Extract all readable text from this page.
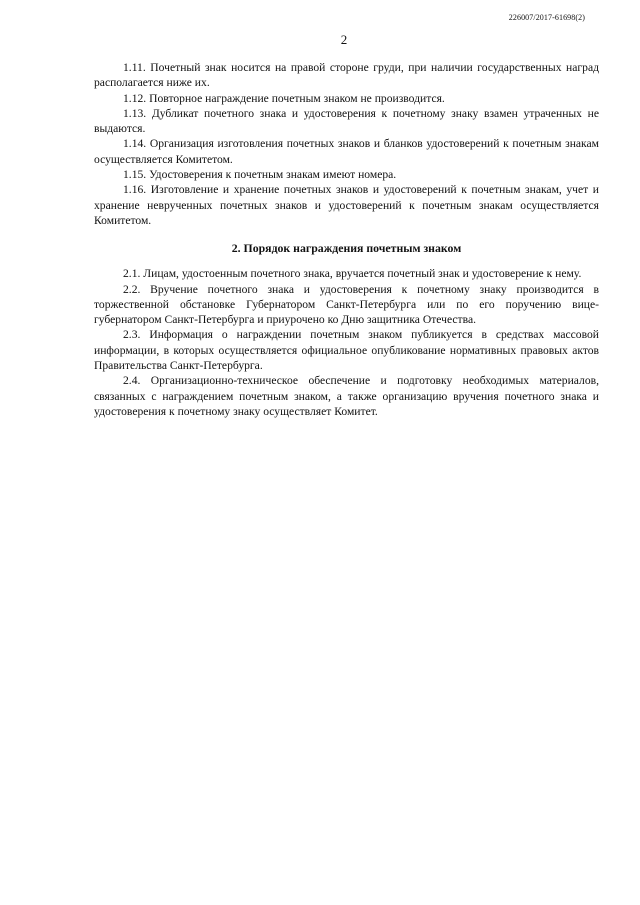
226007/2017-61698(2)
2

1.11. Почетный знак носится на правой стороне груди, при наличии государственных наград располагается ниже их.

1.12. Повторное награждение почетным знаком не производится.

1.13. Дубликат почетного знака и удостоверения к почетному знаку взамен утраченных не выдаются.

1.14. Организация изготовления почетных знаков и бланков удостоверений к почетным знакам осуществляется Комитетом.

1.15. Удостоверения к почетным знакам имеют номера.

1.16. Изготовление и хранение почетных знаков и удостоверений к почетным знакам, учет и хранение неврученных почетных знаков и удостоверений к почетным знакам осуществляется Комитетом.

2. Порядок награждения почетным знаком

2.1. Лицам, удостоенным почетного знака, вручается почетный знак и удостоверение к нему.

2.2. Вручение почетного знака и удостоверения к почетному знаку производится в торжественной обстановке Губернатором Санкт-Петербурга или по его поручению вице-губернатором Санкт-Петербурга и приурочено ко Дню защитника Отечества.

2.3. Информация о награждении почетным знаком публикуется в средствах массовой информации, в которых осуществляется официальное опубликование нормативных правовых актов Правительства Санкт-Петербурга.

2.4. Организационно-техническое обеспечение и подготовку необходимых материалов, связанных с награждением почетным знаком, а также организацию вручения почетного знака и удостоверения к почетному знаку осуществляет Комитет.
